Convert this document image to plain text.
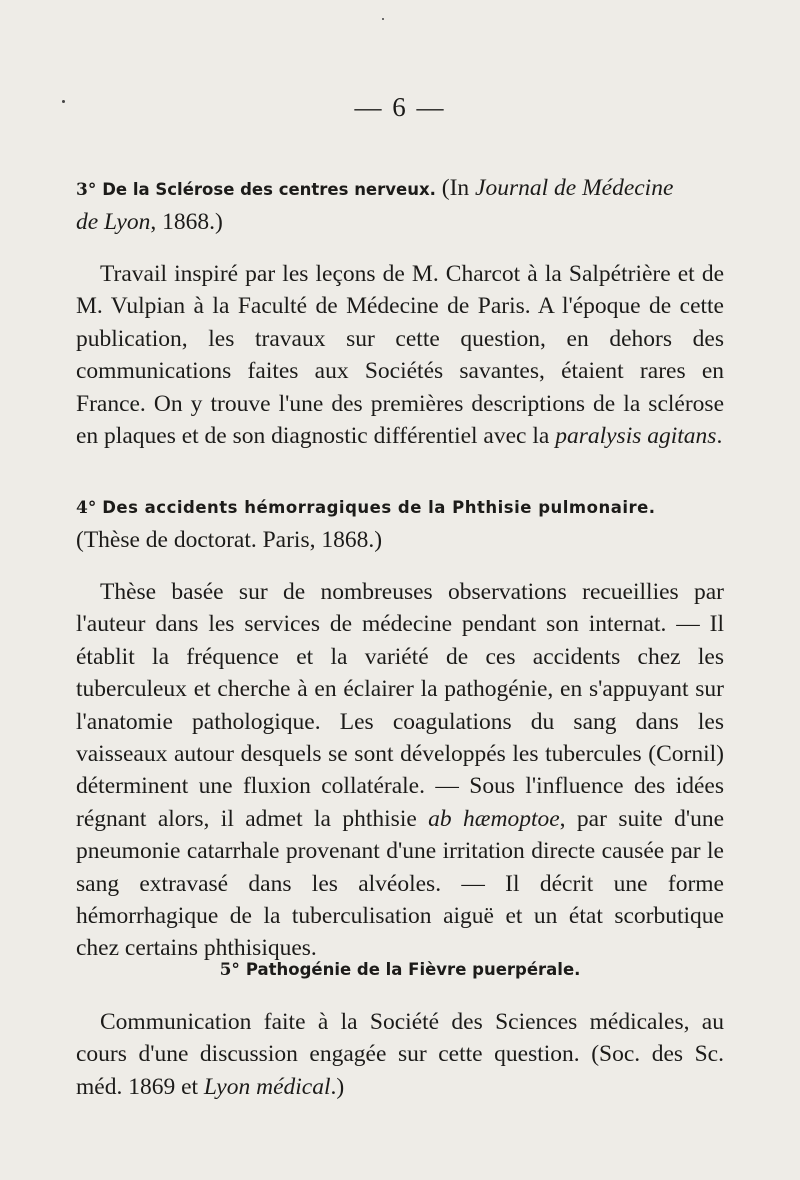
— 6 —
3° De la Sclérose des centres nerveux. (In Journal de Médecine
de Lyon, 1868.)
Travail inspiré par les leçons de M. Charcot à la Salpétrière et de M. Vulpian à la Faculté de Médecine de Paris. A l'époque de cette publication, les travaux sur cette question, en dehors des communications faites aux Sociétés savantes, étaient rares en France. On y trouve l'une des premières descriptions de la sclérose en plaques et de son diagnostic différentiel avec la paralysis agitans.
4° Des accidents hémorragiques de la Phthisie pulmonaire.
(Thèse de doctorat. Paris, 1868.)
Thèse basée sur de nombreuses observations recueillies par l'auteur dans les services de médecine pendant son internat. — Il établit la fréquence et la variété de ces accidents chez les tuberculeux et cherche à en éclairer la pathogénie, en s'appuyant sur l'anatomie pathologique. Les coagulations du sang dans les vaisseaux autour desquels se sont développés les tubercules (Cornil) déterminent une fluxion collatérale. — Sous l'influence des idées régnant alors, il admet la phthisie ab hæmoptoe, par suite d'une pneumonie catarrhale provenant d'une irritation directe causée par le sang extravasé dans les alvéoles. — Il décrit une forme hémorrhagique de la tuberculisation aiguë et un état scorbutique chez certains phthisiques.
5° Pathogénie de la Fièvre puerpérale.
Communication faite à la Société des Sciences médicales, au cours d'une discussion engagée sur cette question. (Soc. des Sc. méd. 1869 et Lyon médical.)
